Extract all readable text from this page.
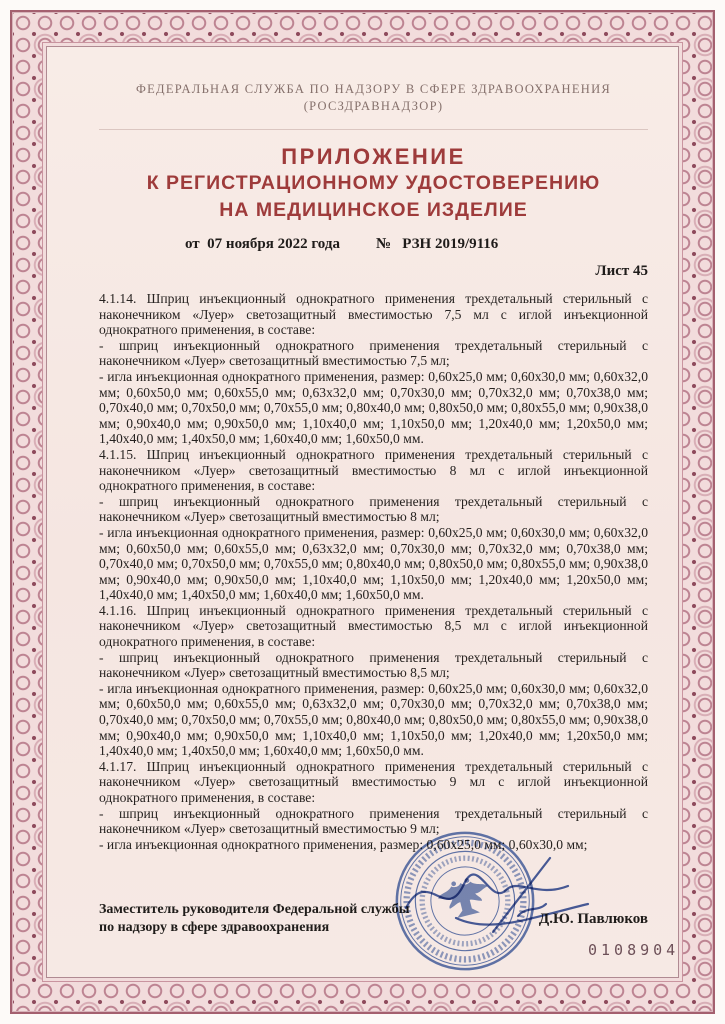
ФЕДЕРАЛЬНАЯ СЛУЖБА ПО НАДЗОРУ В СФЕРЕ ЗДРАВООХРАНЕНИЯ
(РОСЗДРАВНАДЗОР)
ПРИЛОЖЕНИЕ
К РЕГИСТРАЦИОННОМУ УДОСТОВЕРЕНИЮ
НА МЕДИЦИНСКОЕ ИЗДЕЛИЕ
от  07 ноября 2022 года №   РЗН 2019/9116
Лист 45

4.1.14. Шприц инъекционный однократного применения трехдетальный стерильный с наконечником «Луер» светозащитный вместимостью 7,5 мл с иглой инъекционной однократного применения, в составе:

- шприц инъекционный однократного применения трехдетальный стерильный с наконечником «Луер» светозащитный вместимостью 7,5 мл;

- игла инъекционная однократного применения, размер: 0,60х25,0 мм; 0,60х30,0 мм; 0,60х32,0 мм; 0,60х50,0 мм; 0,60х55,0 мм; 0,63х32,0 мм; 0,70х30,0 мм; 0,70х32,0 мм; 0,70х38,0 мм; 0,70х40,0 мм; 0,70х50,0 мм; 0,70х55,0 мм; 0,80х40,0 мм; 0,80х50,0 мм; 0,80х55,0 мм; 0,90х38,0 мм; 0,90х40,0 мм; 0,90х50,0 мм; 1,10х40,0 мм; 1,10х50,0 мм; 1,20х40,0 мм; 1,20х50,0 мм; 1,40х40,0 мм; 1,40х50,0 мм; 1,60х40,0 мм; 1,60х50,0 мм.

4.1.15. Шприц инъекционный однократного применения трехдетальный стерильный с наконечником «Луер» светозащитный вместимостью 8 мл с иглой инъекционной однократного применения, в составе:

- шприц инъекционный однократного применения трехдетальный стерильный с наконечником «Луер» светозащитный вместимостью 8 мл;

- игла инъекционная однократного применения, размер: 0,60х25,0 мм; 0,60х30,0 мм; 0,60х32,0 мм; 0,60х50,0 мм; 0,60х55,0 мм; 0,63х32,0 мм; 0,70х30,0 мм; 0,70х32,0 мм; 0,70х38,0 мм; 0,70х40,0 мм; 0,70х50,0 мм; 0,70х55,0 мм; 0,80х40,0 мм; 0,80х50,0 мм; 0,80х55,0 мм; 0,90х38,0 мм; 0,90х40,0 мм; 0,90х50,0 мм; 1,10х40,0 мм; 1,10х50,0 мм; 1,20х40,0 мм; 1,20х50,0 мм; 1,40х40,0 мм; 1,40х50,0 мм; 1,60х40,0 мм; 1,60х50,0 мм.

4.1.16. Шприц инъекционный однократного применения трехдетальный стерильный с наконечником «Луер» светозащитный вместимостью 8,5 мл с иглой инъекционной однократного применения, в составе:

- шприц инъекционный однократного применения трехдетальный стерильный с наконечником «Луер» светозащитный вместимостью 8,5 мл;

- игла инъекционная однократного применения, размер: 0,60х25,0 мм; 0,60х30,0 мм; 0,60х32,0 мм; 0,60х50,0 мм; 0,60х55,0 мм; 0,63х32,0 мм; 0,70х30,0 мм; 0,70х32,0 мм; 0,70х38,0 мм; 0,70х40,0 мм; 0,70х50,0 мм; 0,70х55,0 мм; 0,80х40,0 мм; 0,80х50,0 мм; 0,80х55,0 мм; 0,90х38,0 мм; 0,90х40,0 мм; 0,90х50,0 мм; 1,10х40,0 мм; 1,10х50,0 мм; 1,20х40,0 мм; 1,20х50,0 мм; 1,40х40,0 мм; 1,40х50,0 мм; 1,60х40,0 мм; 1,60х50,0 мм.

4.1.17. Шприц инъекционный однократного применения трехдетальный стерильный с наконечником «Луер» светозащитный вместимостью 9 мл с иглой инъекционной однократного применения, в составе:

- шприц инъекционный однократного применения трехдетальный стерильный с наконечником «Луер» светозащитный вместимостью 9 мл;

- игла инъекционная однократного применения, размер: 0,60х25,0 мм; 0,60х30,0 мм;

Заместитель руководителя Федеральной службы
по надзору в сфере здравоохранения
Д.Ю. Павлюков
0108904
